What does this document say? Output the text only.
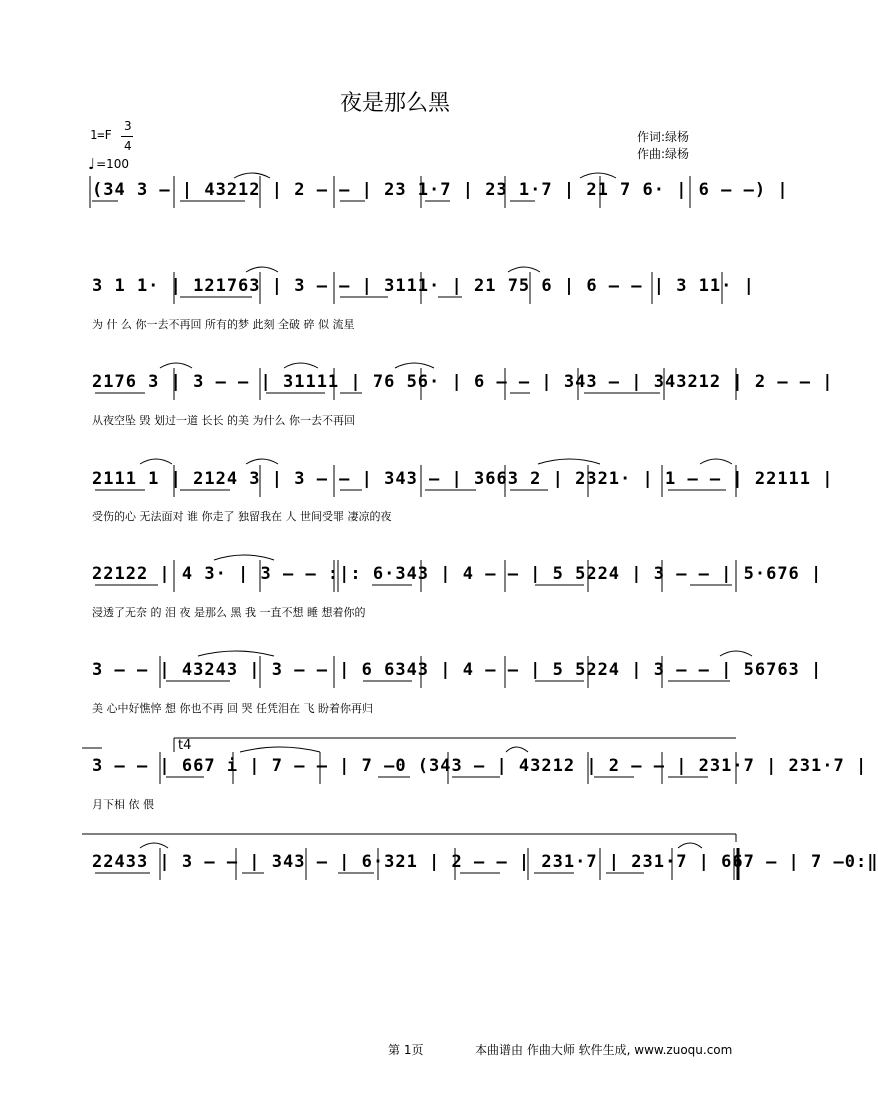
夜是那么黑
1=F
3
4
♩ =100
作词:绿杨
作曲:绿杨
(34 3 – | 43212 | 2 – – | 23 1·7 | 23 1·7 | 21 7 6· | 6 – –) |
3 1 1· | 121763 | 3 – – | 3111· | 21 75 6 | 6 – – | 3 11· |
为 什 么 你一去不再回 所有的梦 此刻 全破 碎 似 流星
2176 3 | 3 – – | 31111 | 76 56· | 6 – – | 343 – | 343212 | 2 – – |
从夜空坠 毁 划过一道 长长 的美 为什么 你一去不再回
2111 1 | 2124 3 | 3 – – | 343 – | 3663 2 | 2321· | 1 – – | 22111 |
受伤的心 无法面对 谁 你走了 独留我在 人 世间受罪 凄凉的夜
22122 | 4 3· | 3 – – :|: 6·343 | 4 – – | 5 5224 | 3 – – | 5·676 |
浸透了无奈 的 泪 夜 是那么 黑 我 一直不想 睡 想着你的
3 – – | 43243 | 3 – – | 6 6343 | 4 – – | 5 5224 | 3 – – | 56763 |
美 心中好憔悴 想 你也不再 回 哭 任凭泪在 飞 盼着你再归
t4
3 – – | 667 i | 7 – – | 7 –0 (343 – | 43212 | 2 – – | 231·7 | 231·7 |
月下相 依 偎
22433 | 3 – – | 343 – | 6·321 | 2 – – | 231·7 | 231·7 | 667 – | 7 –0:‖
第 1页	本曲谱由 作曲大师 软件生成, www.zuoqu.com
